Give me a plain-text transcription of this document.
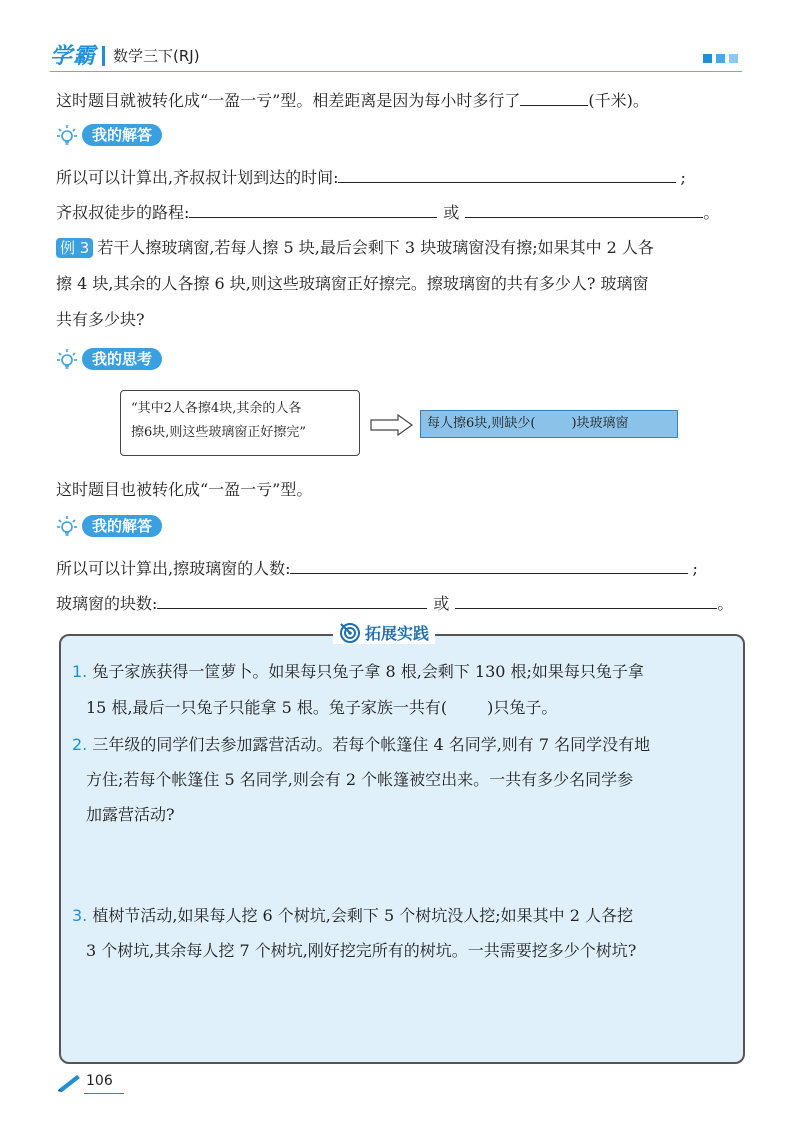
学霸 数学三下(RJ)
这时题目就被转化成“一盈一亏”型。相差距离是因为每小时多行了	(千米)。
我的解答
所以可以计算出,齐叔叔计划到达的时间:	;
齐叔叔徒步的路程:	或	。
例 3 若干人擦玻璃窗,若每人擦 5 块,最后会剩下 3 块玻璃窗没有擦;如果其中 2 人各
擦 4 块,其余的人各擦 6 块,则这些玻璃窗正好擦完。擦玻璃窗的共有多少人? 玻璃窗
共有多少块?
我的思考
“其中2人各擦4块,其余的人各
擦6块,则这些玻璃窗正好擦完”
每人擦6块,则缺少(	)块玻璃窗
这时题目也被转化成“一盈一亏”型。
我的解答
所以可以计算出,擦玻璃窗的人数:	;
玻璃窗的块数:	或	。
拓展实践
1. 兔子家族获得一筐萝卜。如果每只兔子拿 8 根,会剩下 130 根;如果每只兔子拿
15 根,最后一只兔子只能拿 5 根。兔子家族一共有(	)只兔子。
2. 三年级的同学们去参加露营活动。若每个帐篷住 4 名同学,则有 7 名同学没有地
方住;若每个帐篷住 5 名同学,则会有 2 个帐篷被空出来。一共有多少名同学参
加露营活动?
3. 植树节活动,如果每人挖 6 个树坑,会剩下 5 个树坑没人挖;如果其中 2 人各挖
3 个树坑,其余每人挖 7 个树坑,刚好挖完所有的树坑。一共需要挖多少个树坑?
106
